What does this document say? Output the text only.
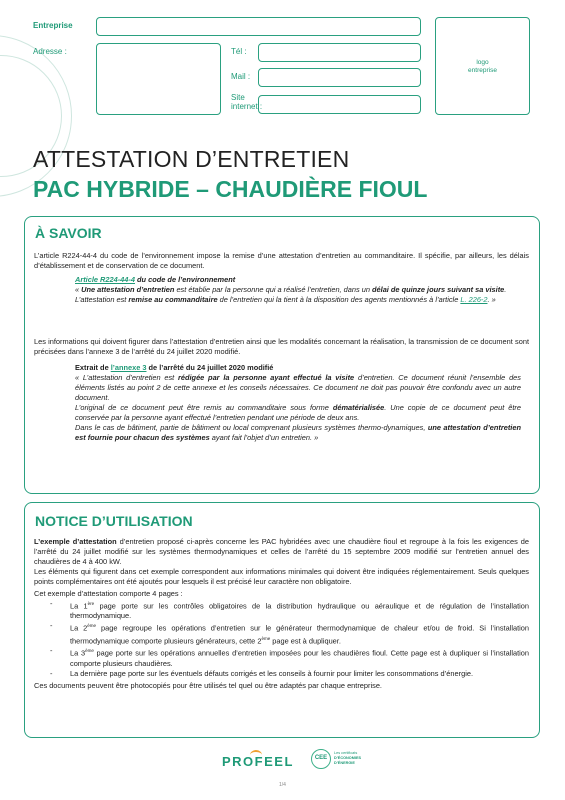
Entreprise
Adresse :	Tél :
Mail :
Site
internet :
logo
entreprise
ATTESTATION D’ENTRETIEN
PAC HYBRIDE – CHAUDIÈRE FIOUL
À SAVOIR
L’article R224-44-4 du code de l’environnement impose la remise d’une attestation d’entretien au commanditaire. Il spécifie, par ailleurs, les délais d’établissement et de conservation de ce document.
Article R224-44-4 du code de l’environnement
« Une attestation d’entretien est établie par la personne qui a réalisé l’entretien, dans un délai de quinze jours suivant sa visite.
L’attestation est remise au commanditaire de l’entretien qui la tient à la disposition des agents mentionnés à l’article L. 226-2. »
Les informations qui doivent figurer dans l’attestation d’entretien ainsi que les modalités concernant la réalisation, la transmission de ce document sont précisées dans l’annexe 3 de l’arrêté du 24 juillet 2020 modifié.
Extrait de l’annexe 3 de l’arrêté du 24 juillet 2020 modifié
« L’attestation d’entretien est rédigée par la personne ayant effectué la visite d’entretien. Ce document réunit l’ensemble des éléments listés au point 2 de cette annexe et les conseils nécessaires. Ce document ne doit pas pouvoir être confondu avec un autre document.
L’original de ce document peut être remis au commanditaire sous forme dématérialisée. Une copie de ce document peut être conservée par la personne ayant effectué l’entretien pendant une période de deux ans.
Dans le cas de bâtiment, partie de bâtiment ou local comprenant plusieurs systèmes thermo-dynamiques, une attestation d’entretien est fournie pour chacun des systèmes ayant fait l’objet d’un entretien. »
NOTICE D’UTILISATION
L’exemple d’attestation d’entretien proposé ci-après concerne les PAC hybridées avec une chaudière fioul et regroupe à la fois les exigences de l’arrêté du 24 juillet modifié sur les systèmes thermodynamiques et celles de l’arrêté du 15 septembre 2009 modifié sur l’entretien annuel des chaudières de 4 à 400 kW.
Les éléments qui figurent dans cet exemple correspondent aux informations minimales qui doivent être indiquées réglementairement. Seuls quelques points complémentaires ont été ajoutés pour lesquels il est précisé leur caractère non obligatoire.
Cet exemple d’attestation comporte 4 pages :
- La 1ère page porte sur les contrôles obligatoires de la distribution hydraulique ou aéraulique et de régulation de l’installation thermodynamique.
- La 2ème page regroupe les opérations d’entretien sur le générateur thermodynamique de chaleur et/ou de froid. Si l’installation thermodynamique comporte plusieurs générateurs, cette 2ème page est à dupliquer.
- La 3ème page porte sur les opérations annuelles d’entretien imposées pour les chaudières fioul. Cette page est à dupliquer si l’installation comporte plusieurs chaudières.
- La dernière page porte sur les éventuels défauts corrigés et les conseils à fournir pour limiter les consommations d’énergie.
Ces documents peuvent être photocopiés pour être utilisés tel quel ou être adaptés par chaque entreprise.
PROFEEL	CEE
Les certificats
D’ÉCONOMIES
D’ÉNERGIE
1/4
